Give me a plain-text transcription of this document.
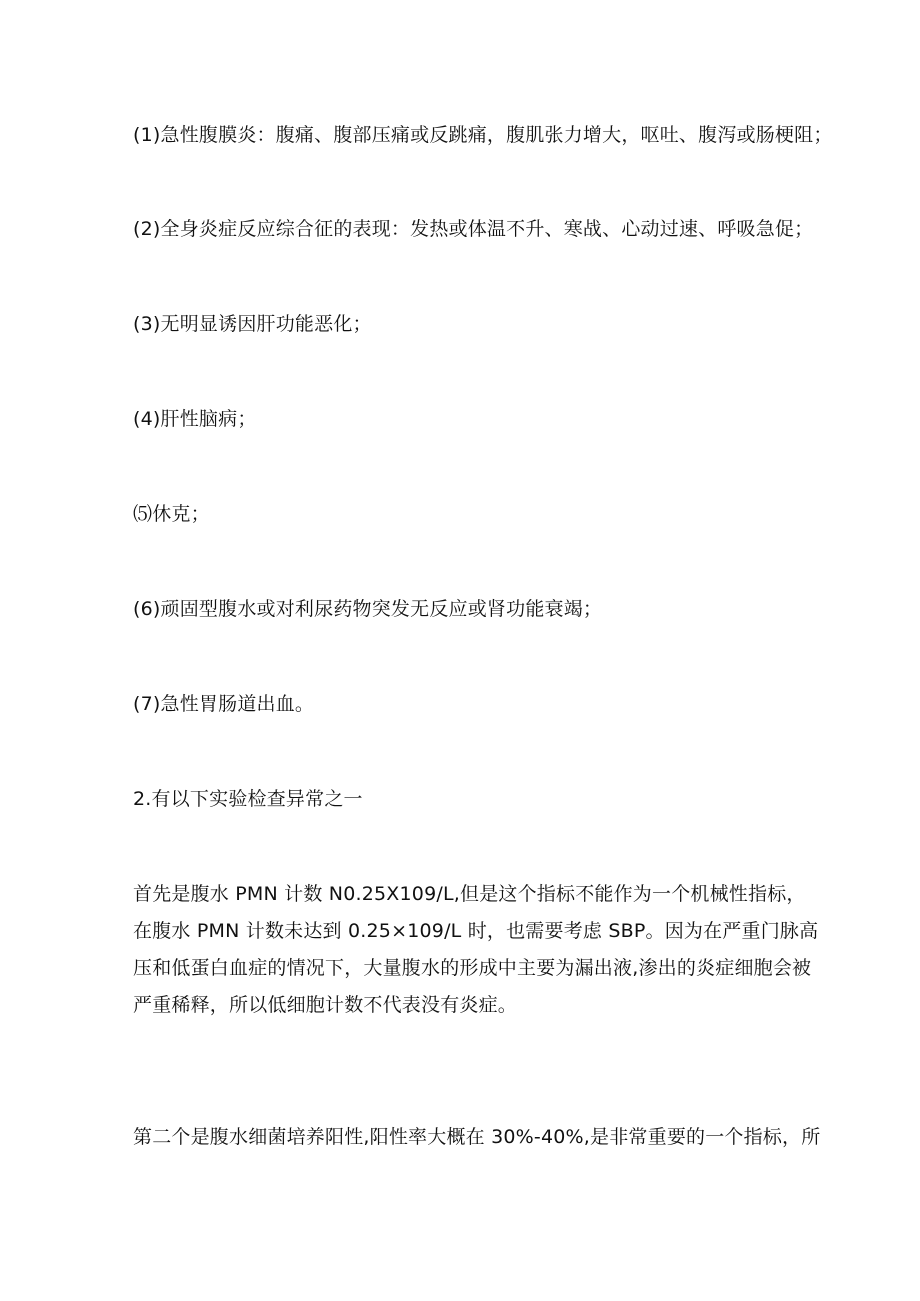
(1)急性腹膜炎：腹痛、腹部压痛或反跳痛，腹肌张力增大，呕吐、腹泻或肠梗阻；
(2)全身炎症反应综合征的表现：发热或体温不升、寒战、心动过速、呼吸急促；
(3)无明显诱因肝功能恶化；
(4)肝性脑病；
⑸休克；
(6)顽固型腹水或对利尿药物突发无反应或肾功能衰竭；
(7)急性胃肠道出血。
2.有以下实验检查异常之一
首先是腹水 PMN 计数 N0.25X109/L,但是这个指标不能作为一个机械性指标，
在腹水 PMN 计数未达到 0.25×109/L 时，也需要考虑 SBP。因为在严重门脉高
压和低蛋白血症的情况下，大量腹水的形成中主要为漏出液,渗出的炎症细胞会被
严重稀释，所以低细胞计数不代表没有炎症。
第二个是腹水细菌培养阳性,阳性率大概在 30%-40%,是非常重要的一个指标，所
